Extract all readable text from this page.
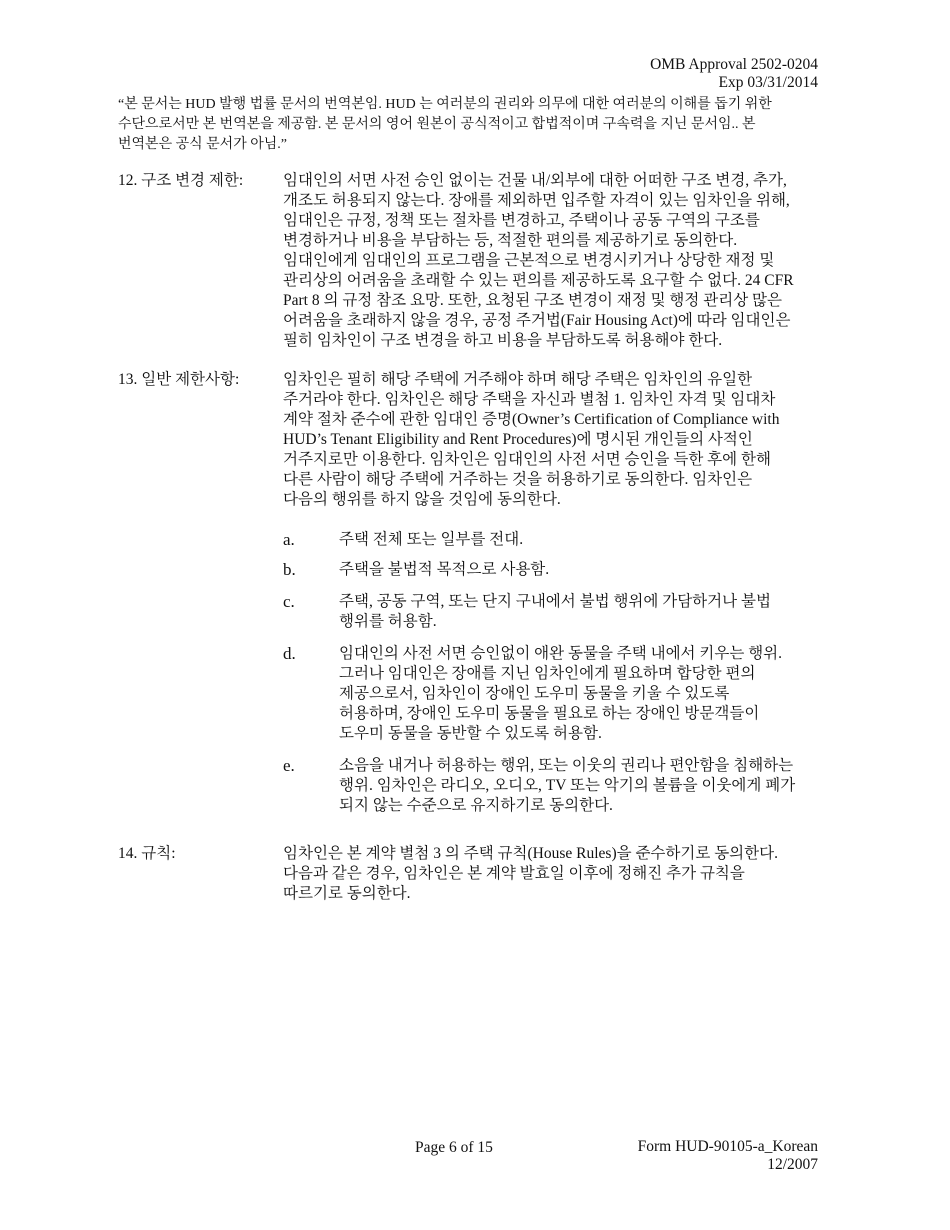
OMB Approval 2502-0204
Exp 03/31/2014
“본 문서는 HUD 발행 법률 문서의 번역본임. HUD 는 여러분의 권리와 의무에 대한 여러분의 이해를 돕기 위한
수단으로서만 본 번역본을 제공함. 본 문서의 영어 원본이 공식적이고 합법적이며 구속력을 지닌 문서임.. 본
번역본은 공식 문서가 아님.”
12. 구조 변경 제한:	임대인의 서면 사전 승인 없이는 건물 내/외부에 대한 어떠한 구조 변경, 추가,
개조도 허용되지 않는다. 장애를 제외하면 입주할 자격이 있는 임차인을 위해,
임대인은 규정, 정책 또는 절차를 변경하고, 주택이나 공동 구역의 구조를
변경하거나 비용을 부담하는 등, 적절한 편의를 제공하기로 동의한다.
임대인에게 임대인의 프로그램을 근본적으로 변경시키거나 상당한 재정 및
관리상의 어려움을 초래할 수 있는 편의를 제공하도록 요구할 수 없다. 24 CFR
Part 8 의 규정 참조 요망. 또한, 요청된 구조 변경이 재정 및 행정 관리상 많은
어려움을 초래하지 않을 경우, 공정 주거법(Fair Housing Act)에 따라 임대인은
필히 임차인이 구조 변경을 하고 비용을 부담하도록 허용해야 한다.
13. 일반 제한사항:	임차인은 필히 해당 주택에 거주해야 하며 해당 주택은 임차인의 유일한
주거라야 한다. 임차인은 해당 주택을 자신과 별첨 1. 임차인 자격 및 임대차
계약 절차 준수에 관한 임대인 증명(Owner’s Certification of Compliance with
HUD’s Tenant Eligibility and Rent Procedures)에 명시된 개인들의 사적인
거주지로만 이용한다. 임차인은 임대인의 사전 서면 승인을 득한 후에 한해
다른 사람이 해당 주택에 거주하는 것을 허용하기로 동의한다. 임차인은
다음의 행위를 하지 않을 것임에 동의한다.
a.	주택 전체 또는 일부를 전대.
b.	주택을 불법적 목적으로 사용함.
c.	주택, 공동 구역, 또는 단지 구내에서 불법 행위에 가담하거나 불법
행위를 허용함.
d.	임대인의 사전 서면 승인없이 애완 동물을 주택 내에서 키우는 행위.
그러나 임대인은 장애를 지닌 임차인에게 필요하며 합당한 편의
제공으로서, 임차인이 장애인 도우미 동물을 키울 수 있도록
허용하며, 장애인 도우미 동물을 필요로 하는 장애인 방문객들이
도우미 동물을 동반할 수 있도록 허용함.
e.	소음을 내거나 허용하는 행위, 또는 이웃의 권리나 편안함을 침해하는
행위. 임차인은 라디오, 오디오, TV 또는 악기의 볼륨을 이웃에게 폐가
되지 않는 수준으로 유지하기로 동의한다.
14. 규칙:	임차인은 본 계약 별첨 3 의 주택 규칙(House Rules)을 준수하기로 동의한다.
다음과 같은 경우, 임차인은 본 계약 발효일 이후에 정해진 추가 규칙을
따르기로 동의한다.
Page 6 of 15	Form HUD-90105-a_Korean
12/2007
